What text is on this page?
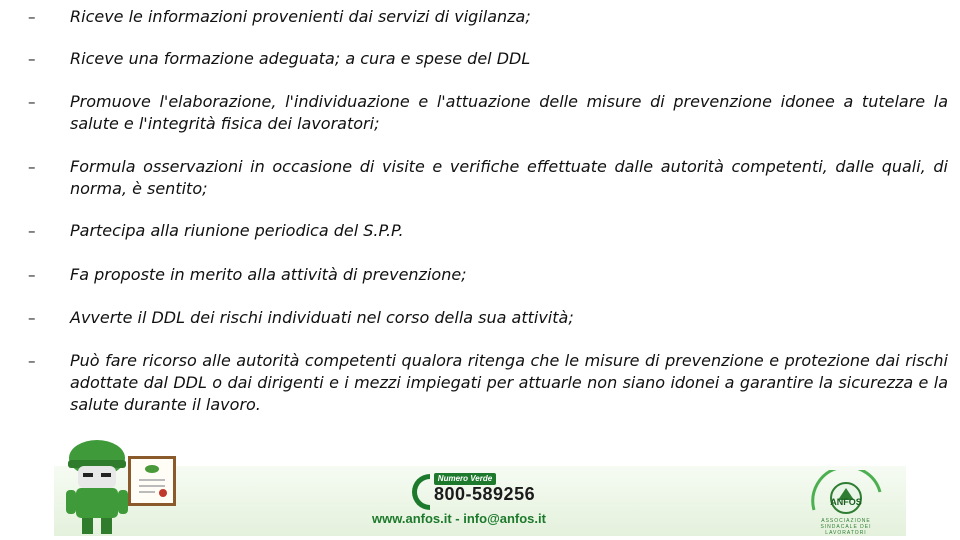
–	Riceve le informazioni provenienti dai servizi di vigilanza;
–	Riceve una formazione adeguata; a cura e spese del DDL
–	Promuove l'elaborazione, l'individuazione e l'attuazione delle misure di prevenzione idonee a tutelare la salute e l'integrità fisica dei lavoratori;
–	Formula osservazioni in occasione di visite e verifiche effettuate dalle autorità competenti, dalle quali, di norma, è sentito;
–	Partecipa alla riunione periodica del S.P.P.
–	Fa proposte in merito alla attività di prevenzione;
–	Avverte il DDL dei rischi individuati nel corso della sua attività;
–	Può fare ricorso alle autorità competenti qualora ritenga che le misure di prevenzione e protezione dai rischi adottate dal DDL o dai dirigenti e i mezzi impiegati per attuarle non siano idonei a garantire la sicurezza e la salute durante il lavoro.
Numero Verde
800-589256
www.anfos.it - info@anfos.it
ANFOS
ASSOCIAZIONE SINDACALE DEI LAVORATORI
